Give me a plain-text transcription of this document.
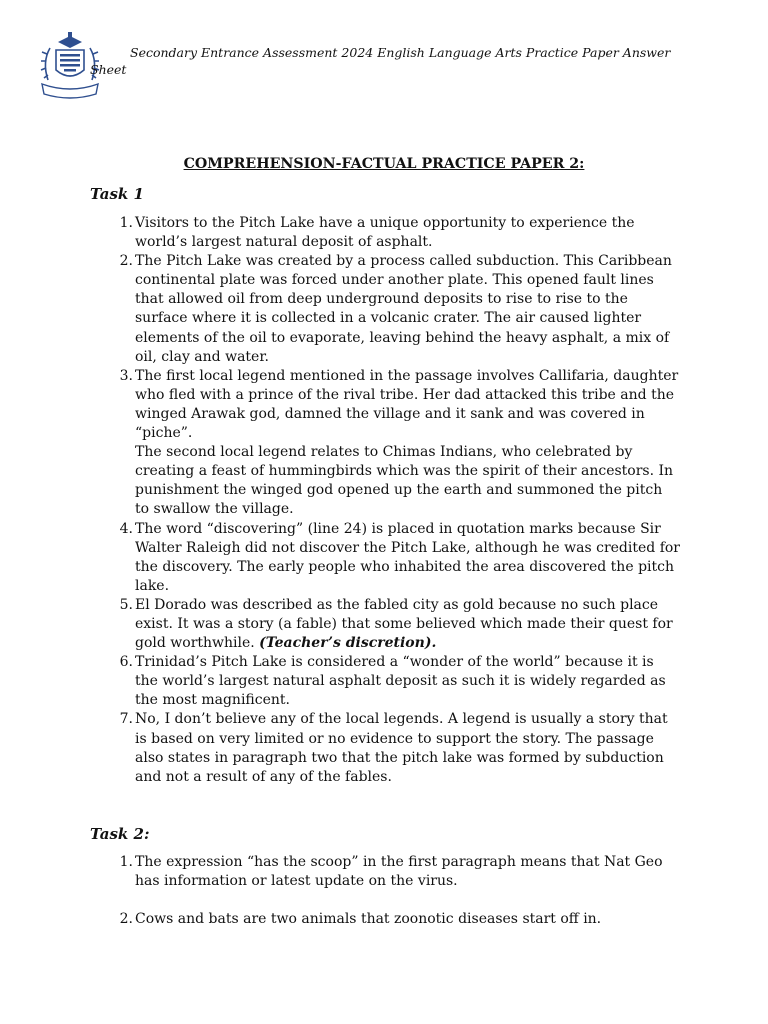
Secondary Entrance Assessment 2024 English Language Arts Practice Paper Answer
Sheet
COMPREHENSION-FACTUAL PRACTICE PAPER 2:
Task 1
1. Visitors to the Pitch Lake have a unique opportunity to experience the world’s largest natural deposit of asphalt.
2. The Pitch Lake was created by a process called subduction. This Caribbean continental plate was forced under another plate. This opened fault lines that allowed oil from deep underground deposits to rise to rise to the surface where it is collected in a volcanic crater. The air caused lighter elements of the oil to evaporate, leaving behind the heavy asphalt, a mix of oil, clay and water.
3. The first local legend mentioned in the passage involves Callifaria, daughter who fled with a prince of the rival tribe. Her dad attacked this tribe and the winged Arawak god, damned the village and it sank and was covered in “piche”.
The second local legend relates to Chimas Indians, who celebrated by creating a feast of hummingbirds which was the spirit of their ancestors. In punishment the winged god opened up the earth and summoned the pitch to swallow the village.
4. The word “discovering” (line 24) is placed in quotation marks because Sir Walter Raleigh did not discover the Pitch Lake, although he was credited for the discovery. The early people who inhabited the area discovered the pitch lake.
5. El Dorado was described as the fabled city as gold because no such place exist. It was a story (a fable) that some believed which made their quest for gold worthwhile. (Teacher’s discretion).
6. Trinidad’s Pitch Lake is considered a “wonder of the world” because it is the world’s largest natural asphalt deposit as such it is widely regarded as the most magnificent.
7. No, I don’t believe any of the local legends. A legend is usually a story that is based on very limited or no evidence to support the story. The passage also states in paragraph two that the pitch lake was formed by subduction and not a result of any of the fables.
Task 2:
1. The expression “has the scoop” in the first paragraph means that Nat Geo has information or latest update on the virus.
2. Cows and bats are two animals that zoonotic diseases start off in.
